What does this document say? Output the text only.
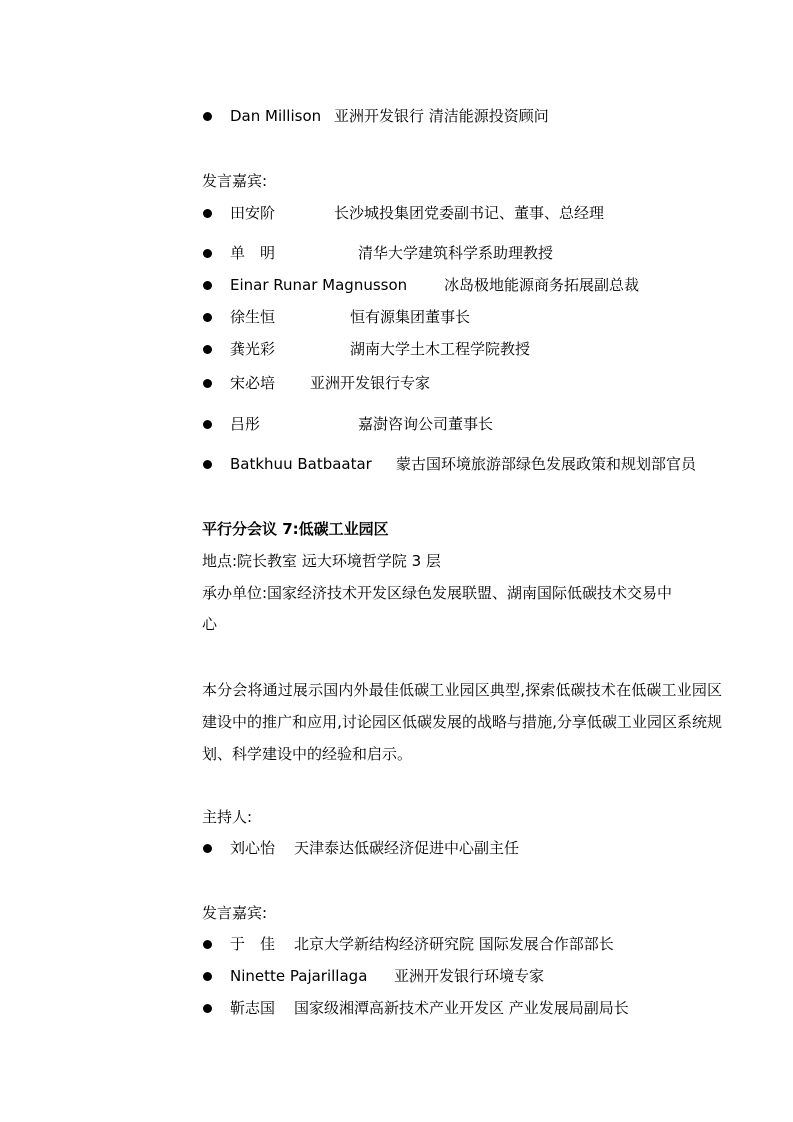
Dan Millison 亚洲开发银行 清洁能源投资顾问
发言嘉宾:
田安阶	长沙城投集团党委副书记、董事、总经理
单　明	清华大学建筑科学系助理教授
Einar Runar Magnusson 冰岛极地能源商务拓展副总裁
徐生恒	恒有源集团董事长
龚光彩	湖南大学土木工程学院教授
宋必培 亚洲开发银行专家
吕彤	嘉澍咨询公司董事长
Batkhuu Batbaatar 蒙古国环境旅游部绿色发展政策和规划部官员
平行分会议 7:低碳工业园区
地点:院长教室 远大环境哲学院 3 层
承办单位:国家经济技术开发区绿色发展联盟、湖南国际低碳技术交易中
心
本分会将通过展示国内外最佳低碳工业园区典型,探索低碳技术在低碳工业园区建设中的推广和应用,讨论园区低碳发展的战略与措施,分享低碳工业园区系统规划、科学建设中的经验和启示。
主持人:
刘心怡 天津泰达低碳经济促进中心副主任
发言嘉宾:
于　佳 北京大学新结构经济研究院 国际发展合作部部长
Ninette Pajarillaga 亚洲开发银行环境专家
靳志国 国家级湘潭高新技术产业开发区 产业发展局副局长
